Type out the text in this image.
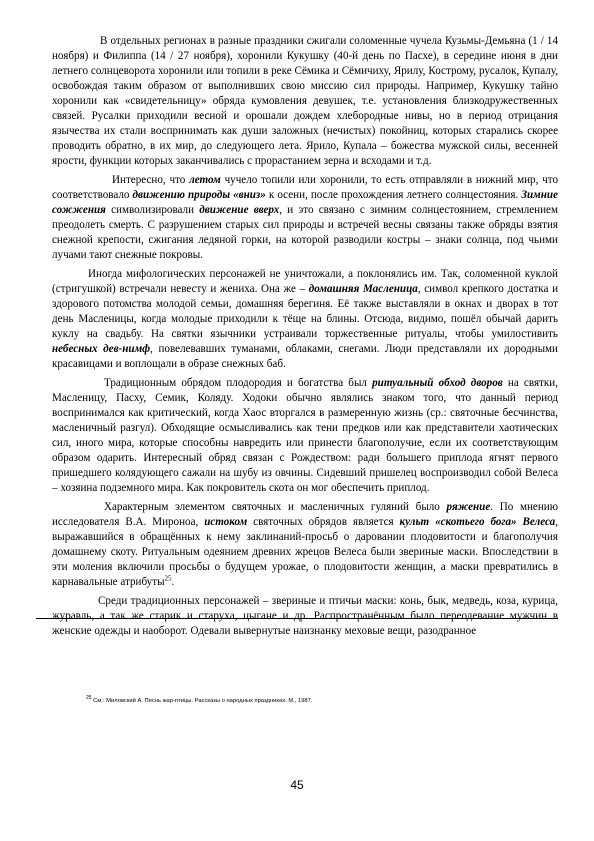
В отдельных регионах в разные праздники сжигали соломенные чучела Кузьмы-Демьяна (1 / 14 ноября) и Филиппа (14 / 27 ноября), хоронили Кукушку (40-й день по Пасхе), в середине июня в дни летнего солнцеворота хоронили или топили в реке Сёмика и Сёмичиху, Ярилу, Кострому, русалок, Купалу, освобождая таким образом от выполнивших свою миссию сил природы. Например, Кукушку тайно хоронили как «свидетельницу» обряда кумовления девушек, т.е. установления близкодружественных связей. Русалки приходили весной и орошали дождем хлебородные нивы, но в период отрицания язычества их стали воспринимать как души заложных (нечистых) покойниц, которых старались скорее проводить обратно, в их мир, до следующего лета. Ярило, Купала – божества мужской силы, весенней ярости, функции которых заканчивались с прорастанием зерна и всходами и т.д.

Интересно, что летом чучело топили или хоронили, то есть отправляли в нижний мир, что соответствовало движению природы «вниз» к осени, после прохождения летнего солнцестояния. Зимние сожжения символизировали движение вверх, и это связано с зимним солнцестоянием, стремлением преодолеть смерть. С разрушением старых сил природы и встречей весны связаны также обряды взятия снежной крепости, сжигания ледяной горки, на которой разводили костры – знаки солнца, под чьими лучами тают снежные покровы.

Иногда мифологических персонажей не уничтожали, а поклонялись им. Так, соломенной куклой (стригушкой) встречали невесту и жениха. Она же – домашняя Масленица, символ крепкого достатка и здорового потомства молодой семьи, домашняя берегиня. Её также выставляли в окнах и дворах в тот день Масленицы, когда молодые приходили к тёще на блины. Отсюда, видимо, пошёл обычай дарить куклу на свадьбу. На святки язычники устраивали торжественные ритуалы, чтобы умилостивить небесных дев-нимф, повелевавших туманами, облаками, снегами. Люди представляли их дородными красавицами и воплощали в образе снежных баб.

Традиционным обрядом плодородия и богатства был ритуальный обход дворов на святки, Масленицу, Пасху, Семик, Коляду. Ходоки обычно являлись знаком того, что данный период воспринимался как критический, когда Хаос вторгался в размеренную жизнь (ср.: святочные бесчинства, масленичный разгул). Обходящие осмысливались как тени предков или как представители хаотических сил, иного мира, которые способны навредить или принести благополучие, если их соответствующим образом одарить. Интересный обряд связан с Рождеством: ради большего приплода ягнят первого пришедшего колядующего сажали на шубу из овчины. Сидевший пришелец воспроизводил собой Велеса – хозяина подземного мира. Как покровитель скота он мог обеспечить приплод.

Характерным элементом святочных и масленичных гуляний было ряжение. По мнению исследователя В.А. Мироноа, истоком святочных обрядов является культ «скотьего бога» Велеса, выражавшийся в обращённых к нему заклинаний-просьб о даровании плодовитости и благополучия домашнему скоту. Ритуальным одеянием древних жрецов Велеса были звериные маски. Впоследствии в эти моления включили просьбы о будущем урожае, о плодовитости женщин, а маски превратились в карнавальные атрибуты$^{25}$.

Среди традиционных персонажей – звериные и птичьи маски: конь, бык, медведь, коза, курица, журавль, а так же старик и старуха, цыгане и др. Распространённым было переодевание мужчин в женские одежды и наоборот. Одевали вывернутые наизнанку меховые вещи, разодранное

$^{25}$ См.: Миловский А. Песнь жар-птицы. Рассказы о народных праздниках. М., 1987.
45
